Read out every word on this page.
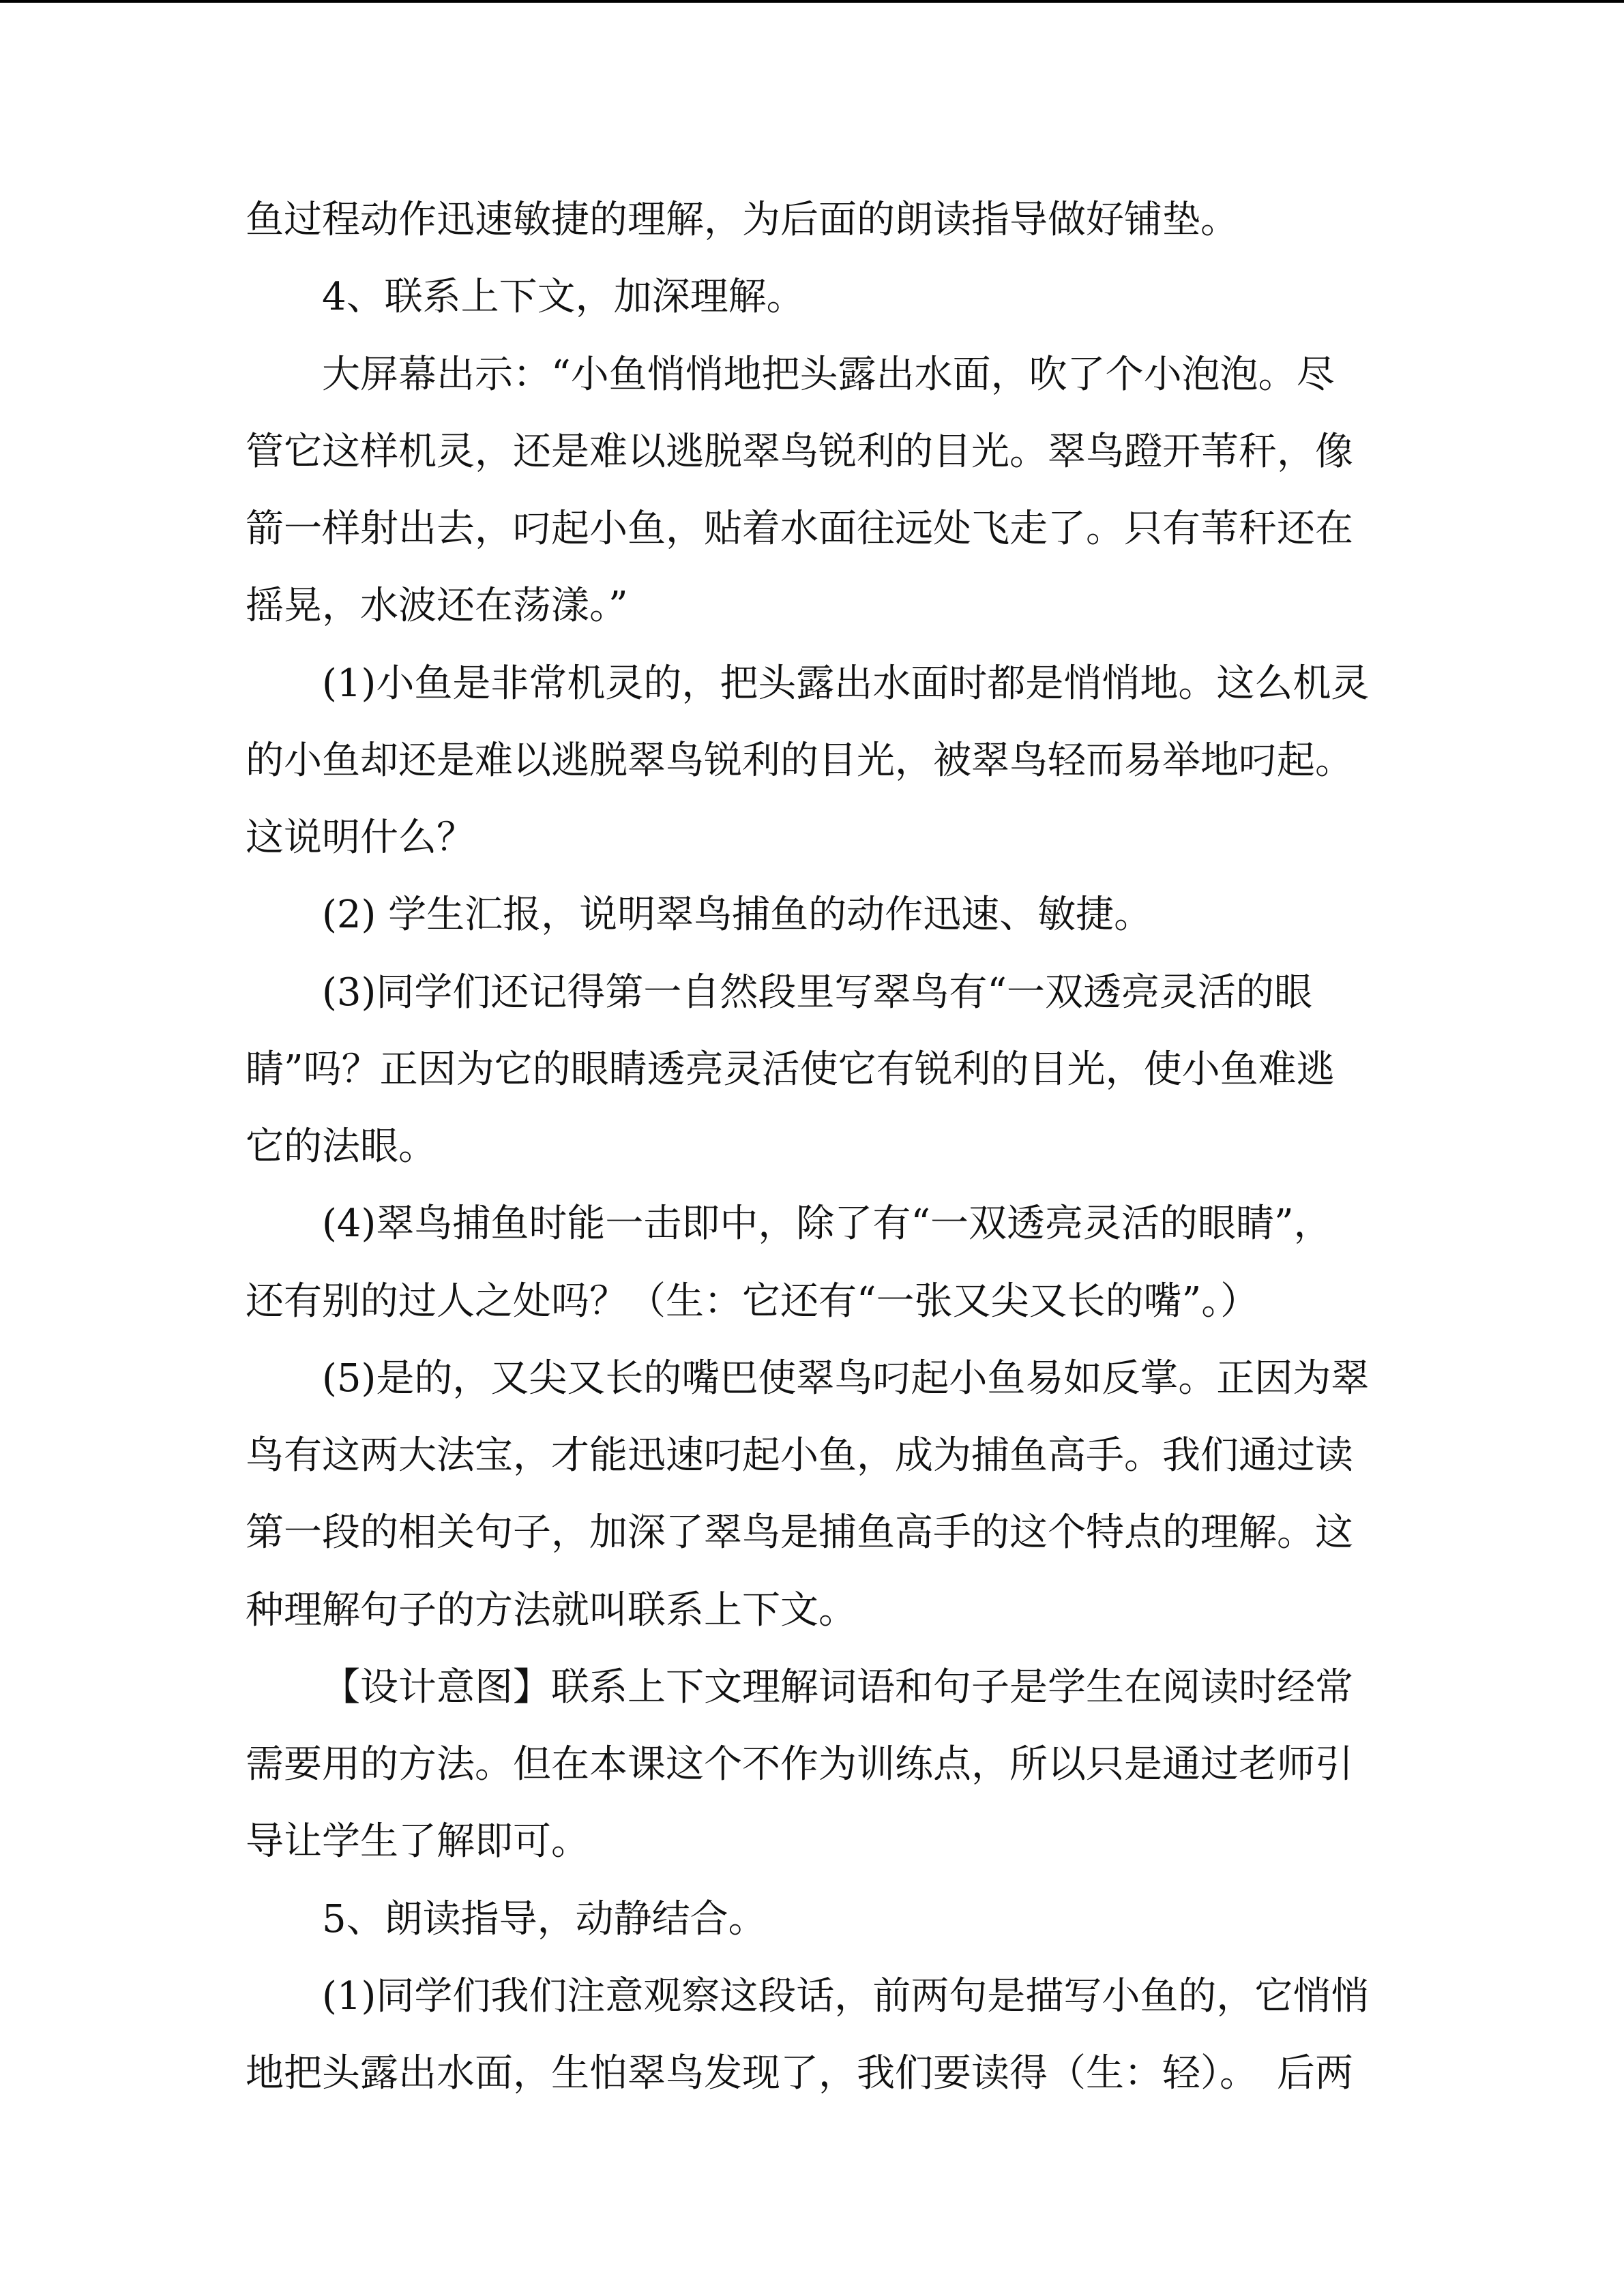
鱼过程动作迅速敏捷的理解，为后面的朗读指导做好铺垫。
4、联系上下文，加深理解。
大屏幕出示：“小鱼悄悄地把头露出水面，吹了个小泡泡。尽
管它这样机灵，还是难以逃脱翠鸟锐利的目光。翠鸟蹬开苇秆，像
箭一样射出去，叼起小鱼，贴着水面往远处飞走了。只有苇秆还在
摇晃，水波还在荡漾。”
(1)小鱼是非常机灵的，把头露出水面时都是悄悄地。这么机灵
的小鱼却还是难以逃脱翠鸟锐利的目光，被翠鸟轻而易举地叼起。
这说明什么？
(2) 学生汇报，说明翠鸟捕鱼的动作迅速、敏捷。
(3)同学们还记得第一自然段里写翠鸟有“一双透亮灵活的眼
睛”吗？正因为它的眼睛透亮灵活使它有锐利的目光，使小鱼难逃
它的法眼。
(4)翠鸟捕鱼时能一击即中，除了有“一双透亮灵活的眼睛”，
还有别的过人之处吗？（生：它还有“一张又尖又长的嘴”。）
(5)是的，又尖又长的嘴巴使翠鸟叼起小鱼易如反掌。正因为翠
鸟有这两大法宝，才能迅速叼起小鱼，成为捕鱼高手。我们通过读
第一段的相关句子，加深了翠鸟是捕鱼高手的这个特点的理解。这
种理解句子的方法就叫联系上下文。
【设计意图】联系上下文理解词语和句子是学生在阅读时经常
需要用的方法。但在本课这个不作为训练点，所以只是通过老师引
导让学生了解即可。
5、朗读指导，动静结合。
(1)同学们我们注意观察这段话，前两句是描写小鱼的，它悄悄
地把头露出水面，生怕翠鸟发现了，我们要读得（生：轻）。　后两
